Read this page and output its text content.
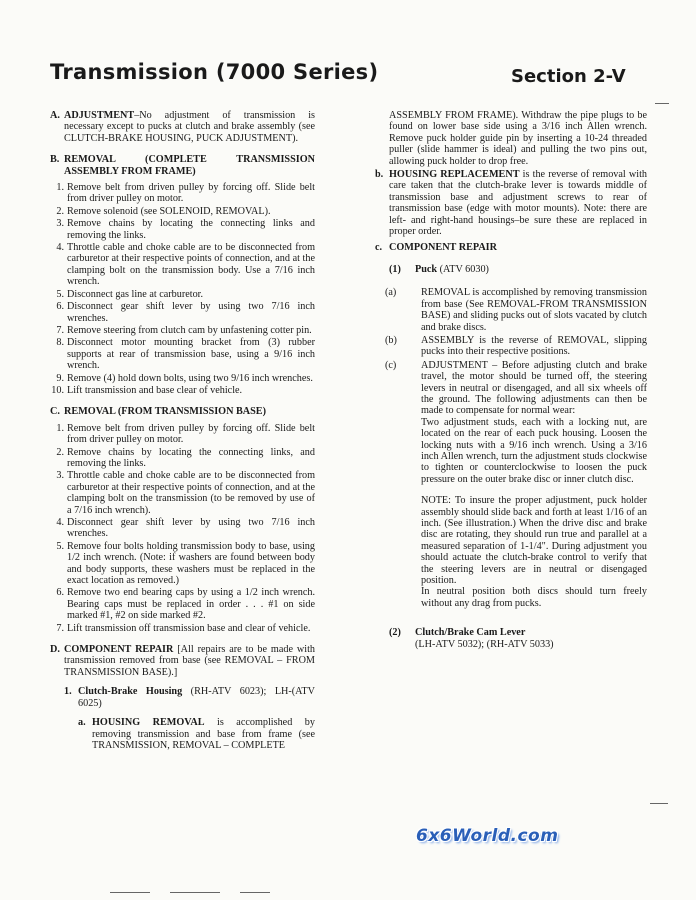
Transmission (7000 Series)	Section 2-V
A. ADJUSTMENT–No adjustment of transmission is necessary except to pucks at clutch and brake assembly (see CLUTCH-BRAKE HOUSING, PUCK ADJUSTMENT).
B. REMOVAL (COMPLETE TRANSMISSION ASSEMBLY FROM FRAME)
1. Remove belt from driven pulley by forcing off. Slide belt from driver pulley on motor.
2. Remove solenoid (see SOLENOID, REMOVAL).
3. Remove chains by locating the connecting links and removing the links.
4. Throttle cable and choke cable are to be disconnected from carburetor at their respective points of connection, and at the clamping bolt on the transmission body. Use a 7/16 inch wrench.
5. Disconnect gas line at carburetor.
6. Disconnect gear shift lever by using two 7/16 inch wrenches.
7. Remove steering from clutch cam by unfastening cotter pin.
8. Disconnect motor mounting bracket from (3) rubber supports at rear of transmission base, using a 9/16 inch wrench.
9. Remove (4) hold down bolts, using two 9/16 inch wrenches.
10. Lift transmission and base clear of vehicle.
C. REMOVAL (FROM TRANSMISSION BASE)
1. Remove belt from driven pulley by forcing off. Slide belt from driver pulley on motor.
2. Remove chains by locating the connecting links, and removing the links.
3. Throttle cable and choke cable are to be disconnected from carburetor at their respective points of connection, and at the clamping bolt on the transmission (to be removed by use of a 7/16 inch wrench).
4. Disconnect gear shift lever by using two 7/16 inch wrenches.
5. Remove four bolts holding transmission body to base, using 1/2 inch wrench. (Note: if washers are found between body and body supports, these washers must be replaced in the exact location as removed.)
6. Remove two end bearing caps by using a 1/2 inch wrench. Bearing caps must be replaced in order . . . #1 on side marked #1, #2 on side marked #2.
7. Lift transmission off transmission base and clear of vehicle.
D. COMPONENT REPAIR [All repairs are to be made with transmission removed from base (see REMOVAL – FROM TRANSMISSION BASE).]
1. Clutch-Brake Housing (RH-ATV 6023); LH-(ATV 6025)
a. HOUSING REMOVAL is accomplished by removing transmission and base from frame (see TRANSMISSION, REMOVAL – COMPLETE

ASSEMBLY FROM FRAME). Withdraw the pipe plugs to be found on lower base side using a 3/16 inch Allen wrench. Remove puck holder guide pin by inserting a 10-24 threaded puller (slide hammer is ideal) and pulling the two pins out, allowing puck holder to drop free.

b. HOUSING REPLACEMENT is the reverse of removal with care taken that the clutch-brake lever is towards middle of transmission base and adjustment screws to rear of transmission base (edge with motor mounts). Note: there are left- and right-hand housings–be sure these are replaced in proper order.
c. COMPONENT REPAIR
(1)	Puck (ATV 6030)
(a)	REMOVAL is accomplished by removing transmission from base (See REMOVAL-FROM TRANSMISSION BASE) and sliding pucks out of slots vacated by clutch and brake discs.
(b)	ASSEMBLY is the reverse of REMOVAL, slipping pucks into their respective positions.
(c)	ADJUSTMENT – Before adjusting clutch and brake travel, the motor should be turned off, the steering levers in neutral or disengaged, and all six wheels off the ground. The following adjustments can then be made to compensate for normal wear:
Two adjustment studs, each with a locking nut, are located on the rear of each puck housing. Loosen the locking nuts with a 9/16 inch wrench. Using a 3/16 inch Allen wrench, turn the adjustment studs clockwise to tighten or counterclockwise to loosen the puck pressure on the outer brake disc or inner clutch disc.
NOTE: To insure the proper adjustment, puck holder assembly should slide back and forth at least 1/16 of an inch. (See illustration.) When the drive disc and brake disc are rotating, they should run true and parallel at a measured separation of 1-1/4". During adjustment you should actuate the clutch-brake control to verify that the steering levers are in neutral or disengaged position.
In neutral position both discs should turn freely without any drag from pucks.
(2)	Clutch/Brake Cam Lever
(LH-ATV 5032); (RH-ATV 5033)
6x6World.com
